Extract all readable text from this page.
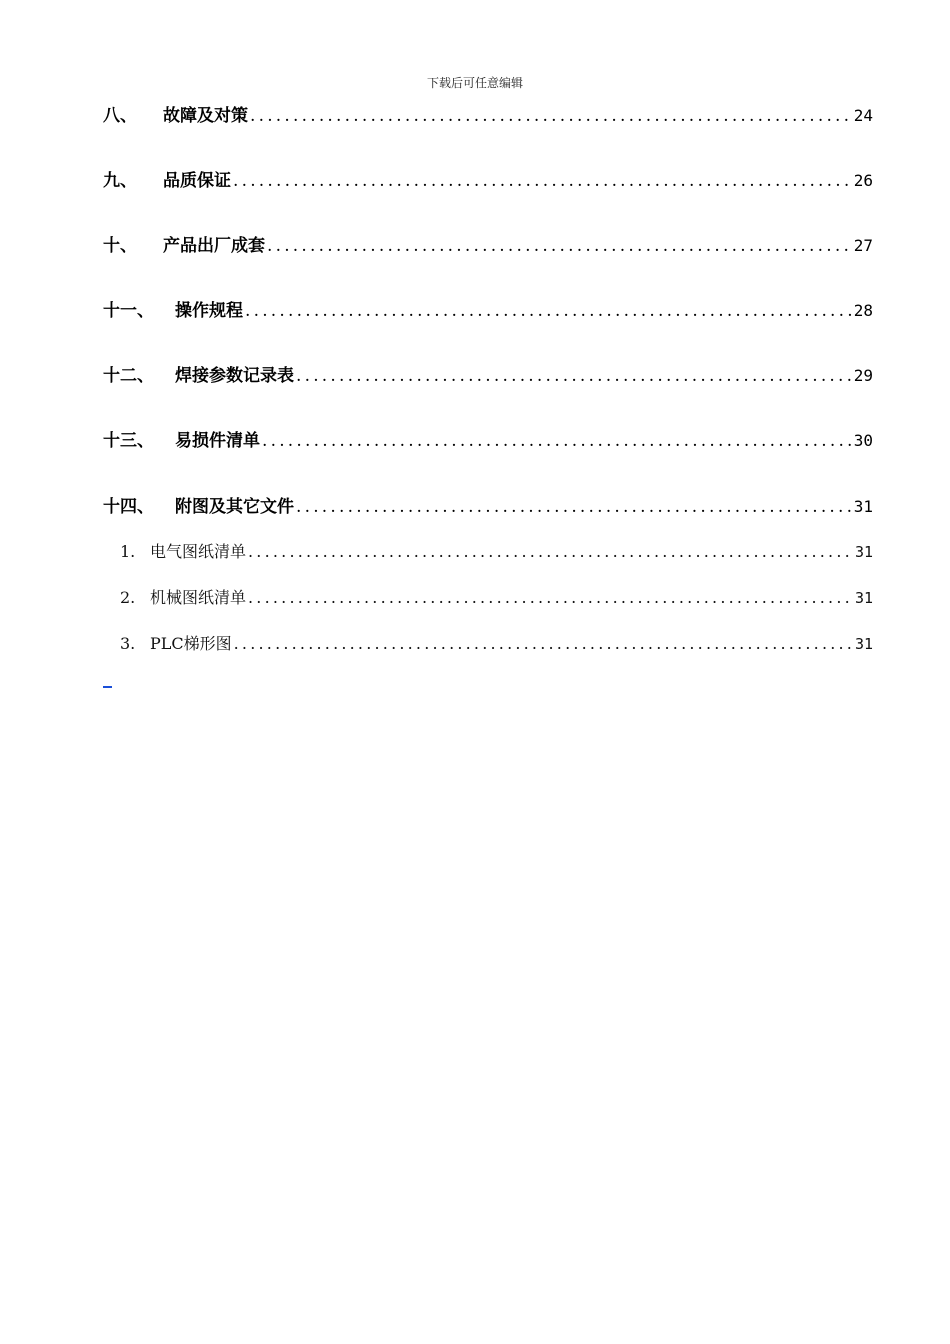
下载后可任意编辑
八、	故障及对策 .....	24
九、	品质保证 .....	26
十、	产品出厂成套 .....	27
十一、	操作规程 .....	28
十二、	焊接参数记录表 .....	29
十三、	易损件清单 .....	30
十四、	附图及其它文件 .....	31
1. 电气图纸清单 .....	31
2. 机械图纸清单 .....	31
3. PLC梯形图 .....	31
